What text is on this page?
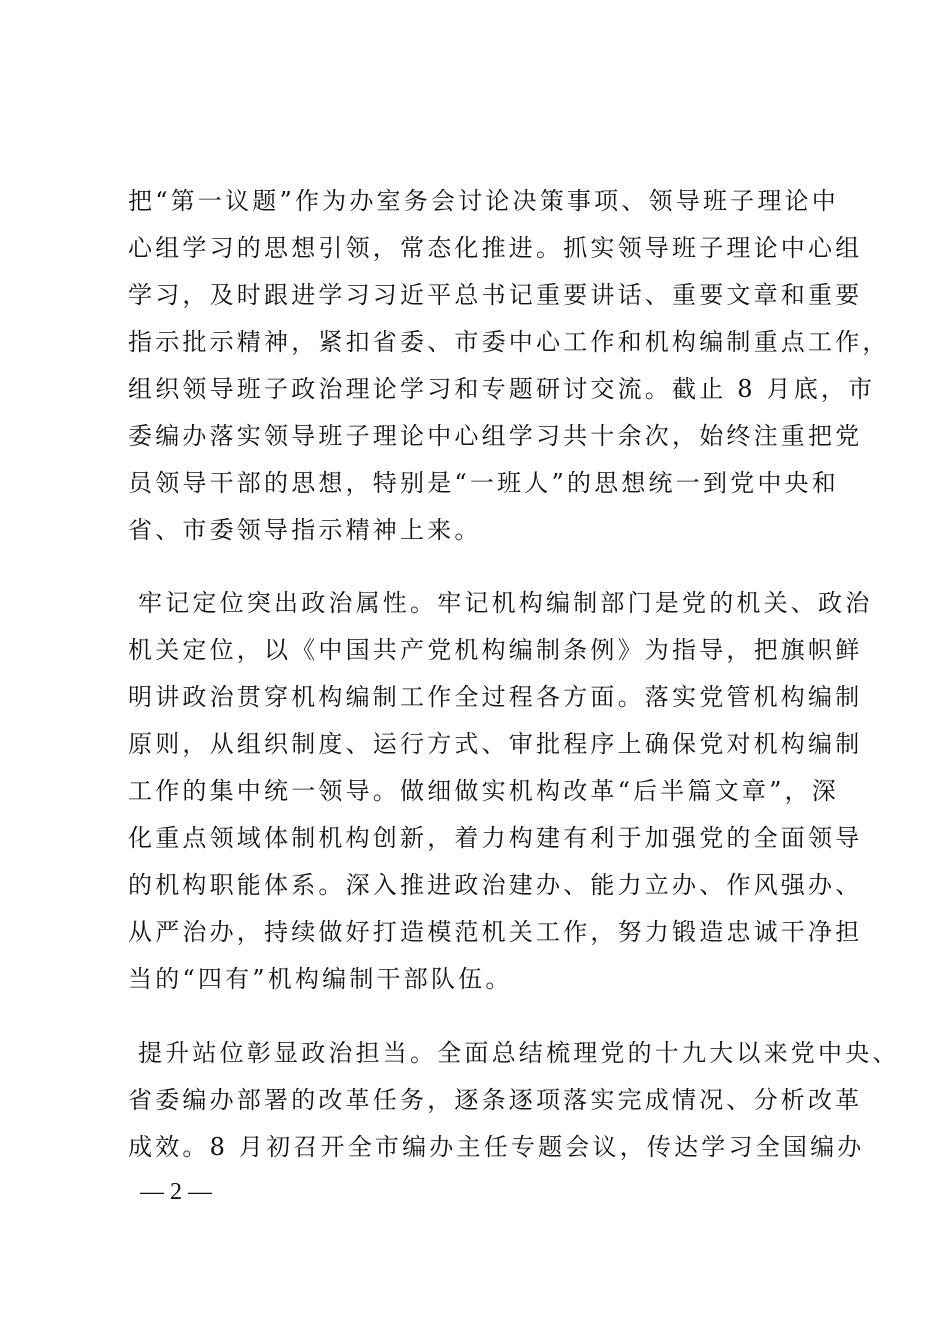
把“第一议题”作为办室务会讨论决策事项、领导班子理论中
心组学习的思想引领，常态化推进。抓实领导班子理论中心组
学习，及时跟进学习习近平总书记重要讲话、重要文章和重要
指示批示精神，紧扣省委、市委中心工作和机构编制重点工作，
组织领导班子政治理论学习和专题研讨交流。截止 8 月底，市
委编办落实领导班子理论中心组学习共十余次，始终注重把党
员领导干部的思想，特别是“一班人”的思想统一到党中央和
省、市委领导指示精神上来。
牢记定位突出政治属性。牢记机构编制部门是党的机关、政治
机关定位，以《中国共产党机构编制条例》为指导，把旗帜鲜
明讲政治贯穿机构编制工作全过程各方面。落实党管机构编制
原则，从组织制度、运行方式、审批程序上确保党对机构编制
工作的集中统一领导。做细做实机构改革“后半篇文章”，深
化重点领域体制机构创新，着力构建有利于加强党的全面领导
的机构职能体系。深入推进政治建办、能力立办、作风强办、
从严治办，持续做好打造模范机关工作，努力锻造忠诚干净担
当的“四有”机构编制干部队伍。
提升站位彰显政治担当。全面总结梳理党的十九大以来党中央、
省委编办部署的改革任务，逐条逐项落实完成情况、分析改革
成效。8 月初召开全市编办主任专题会议，传达学习全国编办
— 2 —
